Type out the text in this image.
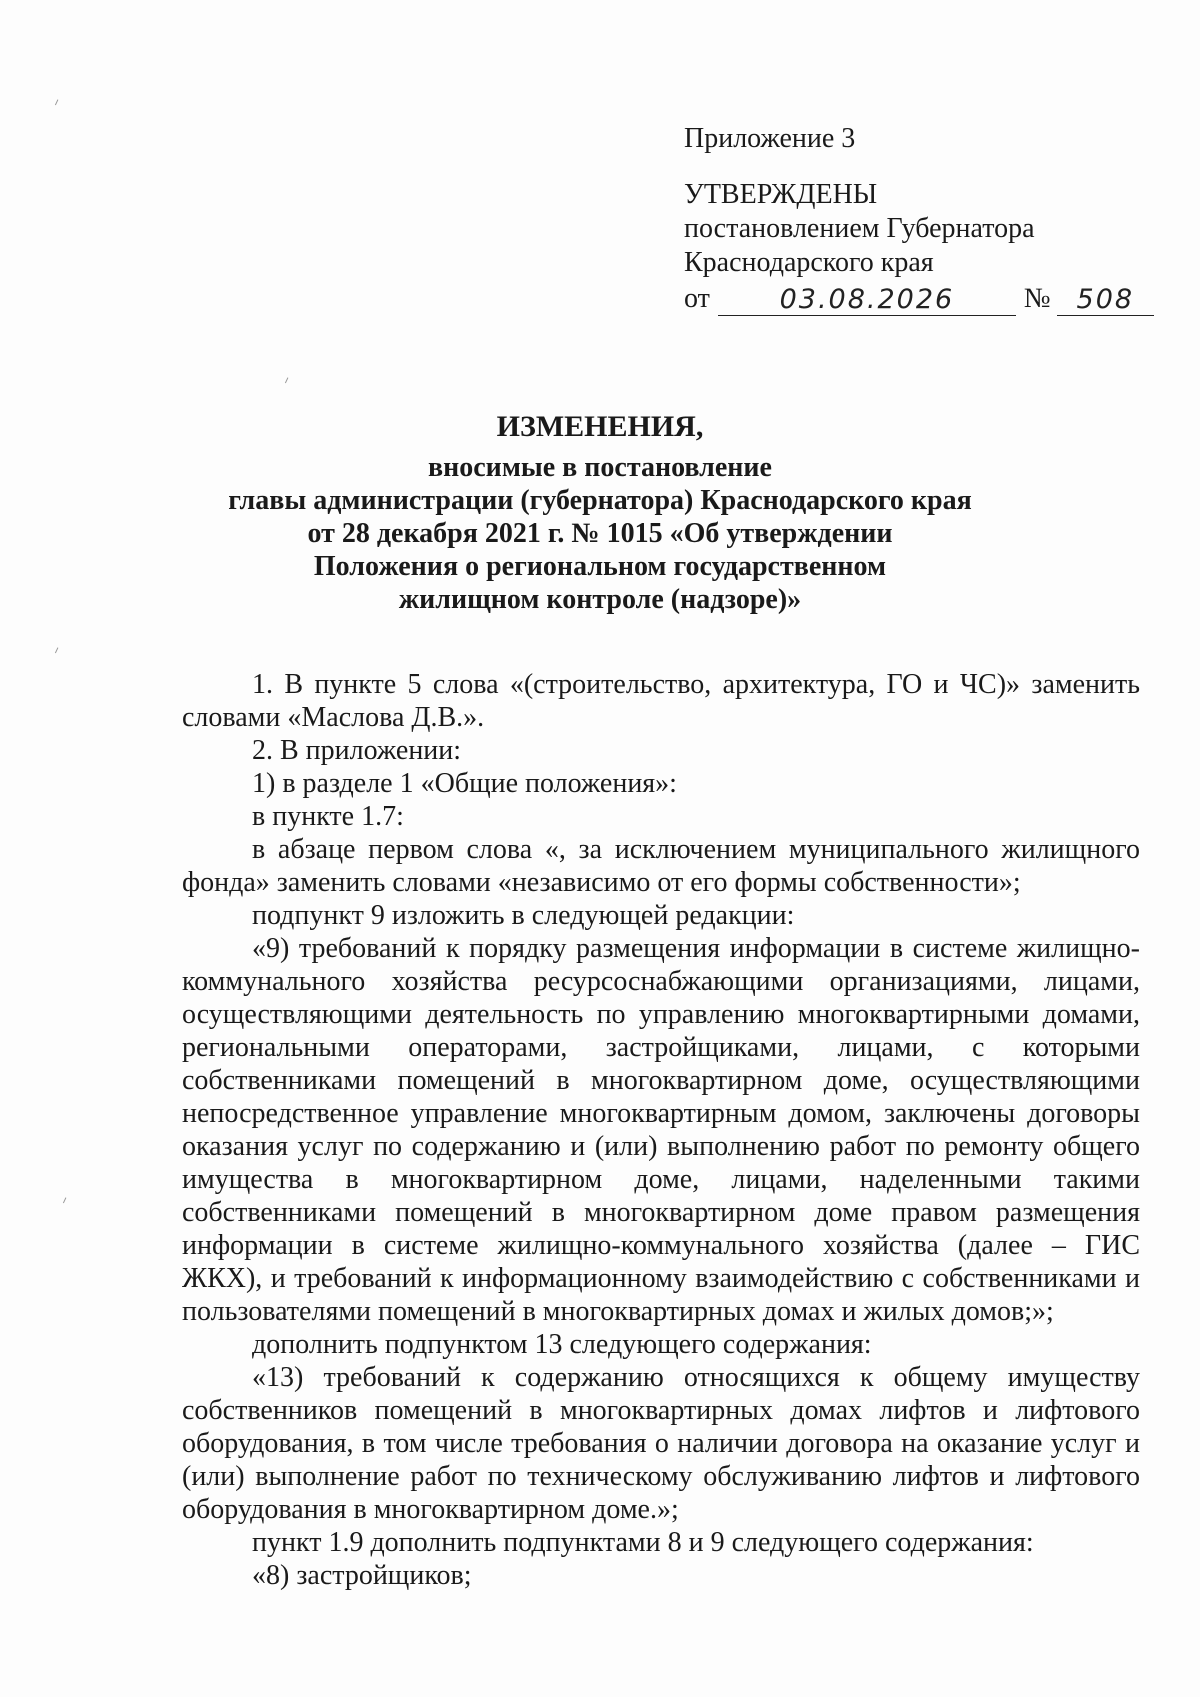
Приложение 3
УТВЕРЖДЕНЫ
постановлением Губернатора
Краснодарского края
от	03.08.2026	№ 508
ИЗМЕНЕНИЯ,
вносимые в постановление
главы администрации (губернатора) Краснодарского края
от 28 декабря 2021 г. № 1015 «Об утверждении
Положения о региональном государственном
жилищном контроле (надзоре)»

1. В пункте 5 слова «(строительство, архитектура, ГО и ЧС)» заменить словами «Маслова Д.В.».

2. В приложении:

1) в разделе 1 «Общие положения»:

в пункте 1.7:

в абзаце первом слова «, за исключением муниципального жилищного фонда» заменить словами «независимо от его формы собственности»;

подпункт 9 изложить в следующей редакции:

«9) требований к порядку размещения информации в системе жилищно-коммунального хозяйства ресурсоснабжающими организациями, лицами, осуществляющими деятельность по управлению многоквартирными домами, региональными операторами, застройщиками, лицами, с которыми собственниками помещений в многоквартирном доме, осуществляющими непосредственное управление многоквартирным домом, заключены договоры оказания услуг по содержанию и (или) выполнению работ по ремонту общего имущества в многоквартирном доме, лицами, наделенными такими собственниками помещений в многоквартирном доме правом размещения информации в системе жилищно-коммунального хозяйства (далее – ГИС ЖКХ), и требований к информационному взаимодействию с собственниками и пользователями помещений в многоквартирных домах и жилых домов;»;

дополнить подпунктом 13 следующего содержания:

«13) требований к содержанию относящихся к общему имуществу собственников помещений в многоквартирных домах лифтов и лифтового оборудования, в том числе требования о наличии договора на оказание услуг и (или) выполнение работ по техническому обслуживанию лифтов и лифтового оборудования в многоквартирном доме.»;

пункт 1.9 дополнить подпунктами 8 и 9 следующего содержания:

«8) застройщиков;
